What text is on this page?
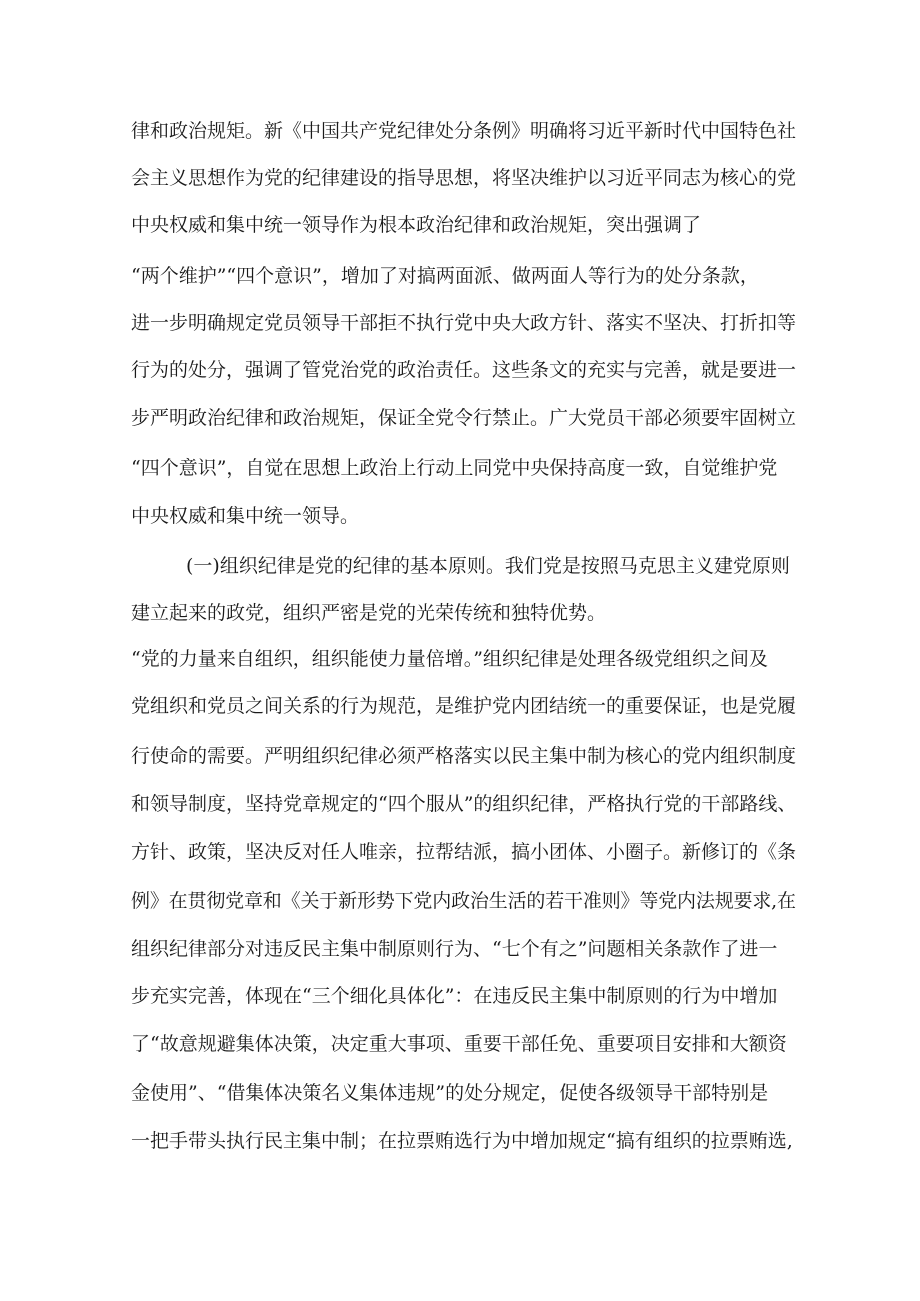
律和政治规矩。新《中国共产党纪律处分条例》明确将习近平新时代中国特色社
会主义思想作为党的纪律建设的指导思想，将坚决维护以习近平同志为核心的党
中央权威和集中统一领导作为根本政治纪律和政治规矩，突出强调了
“两个维护”“四个意识”，增加了对搞两面派、做两面人等行为的处分条款，
进一步明确规定党员领导干部拒不执行党中央大政方针、落实不坚决、打折扣等
行为的处分，强调了管党治党的政治责任。这些条文的充实与完善，就是要进一
步严明政治纪律和政治规矩，保证全党令行禁止。广大党员干部必须要牢固树立
“四个意识”，自觉在思想上政治上行动上同党中央保持高度一致，自觉维护党
中央权威和集中统一领导。
(一)组织纪律是党的纪律的基本原则。我们党是按照马克思主义建党原则
建立起来的政党，组织严密是党的光荣传统和独特优势。
“党的力量来自组织，组织能使力量倍增。”组织纪律是处理各级党组织之间及
党组织和党员之间关系的行为规范，是维护党内团结统一的重要保证，也是党履
行使命的需要。严明组织纪律必须严格落实以民主集中制为核心的党内组织制度
和领导制度，坚持党章规定的“四个服从”的组织纪律，严格执行党的干部路线、
方针、政策，坚决反对任人唯亲，拉帮结派，搞小团体、小圈子。新修订的《条
例》在贯彻党章和《关于新形势下党内政治生活的若干准则》等党内法规要求,在
组织纪律部分对违反民主集中制原则行为、“七个有之”问题相关条款作了进一
步充实完善，体现在“三个细化具体化”：在违反民主集中制原则的行为中增加
了“故意规避集体决策，决定重大事项、重要干部任免、重要项目安排和大额资
金使用”、“借集体决策名义集体违规”的处分规定，促使各级领导干部特别是
一把手带头执行民主集中制；在拉票贿选行为中增加规定“搞有组织的拉票贿选,
